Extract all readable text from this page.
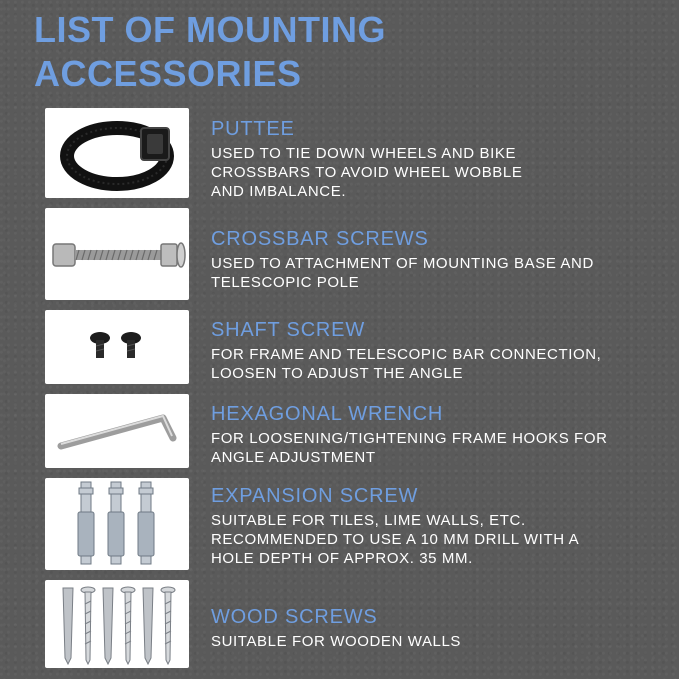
LIST OF MOUNTING
ACCESSORIES
PUTTEE
USED TO TIE DOWN WHEELS AND BIKE
CROSSBARS TO AVOID WHEEL WOBBLE
AND IMBALANCE.
CROSSBAR SCREWS
USED TO ATTACHMENT OF MOUNTING BASE AND
TELESCOPIC POLE
SHAFT SCREW
FOR FRAME AND TELESCOPIC BAR CONNECTION,
LOOSEN TO ADJUST THE ANGLE
HEXAGONAL WRENCH
FOR LOOSENING/TIGHTENING FRAME HOOKS FOR
ANGLE ADJUSTMENT
EXPANSION SCREW
SUITABLE FOR TILES, LIME WALLS, ETC.
RECOMMENDED TO USE A 10 MM DRILL WITH A
HOLE DEPTH OF APPROX. 35 MM.
WOOD SCREWS
SUITABLE FOR WOODEN WALLS
